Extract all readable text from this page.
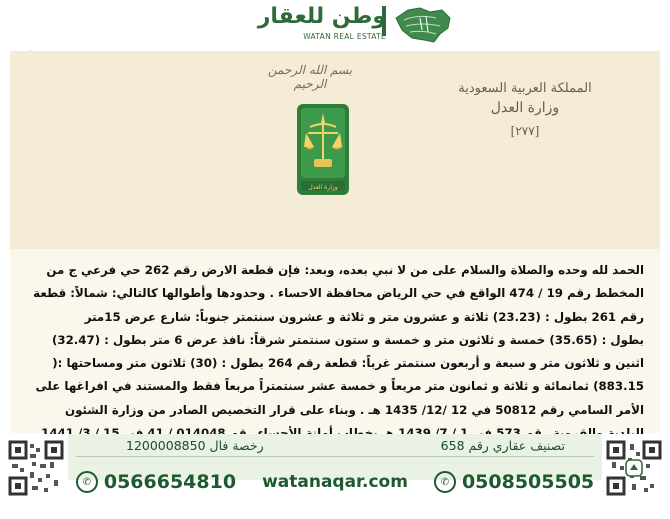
وطن للعقار
WATAN REAL ESTATE
بسم الله الرحمن الرحيم
وزارة العدل
المملكة العربية السعودية
وزارة العدل
[٢٧٧]
الحمد لله وحده والصلاة والسلام على من لا نبي بعده، وبعد: فإن قطعة الارض رقم 262 حي فرعي ج من
المخطط رقم 19 / 474 الواقع في حي الرياض محافظة الاحساء . وحدودها وأطوالها كالتالي: شمالاً: قطعة
رقم 261 بطول : (23.23) ثلاثة و عشرون متر و ثلاثة و عشرون سنتمتر جنوباً: شارع عرض 15متر
بطول : (35.65) خمسة و ثلاثون متر و خمسة و ستون سنتمتر شرقاً: نافذ عرض 6 متر بطول : (32.47)
اثنين و ثلاثون متر و سبعة و أربعون سنتمتر غرباً: قطعة رقم 264 بطول : (30) ثلاثون متر ومساحتها :(
883.15) ثمانمائة و ثلاثة و ثمانون متر مربعاً و خمسة عشر سنتمتراً مربعاً فقط والمستند في افراغها على
الأمر السامي رقم 50812 في 12 /12/ 1435 هـ . وبناء على قرار التخصيص الصادر من وزارة الشئون
رخصة فال 1200008850	تصنيف عقاري رقم 658
✆ 0566654810 watanaqar.com	✆ 0508505505
